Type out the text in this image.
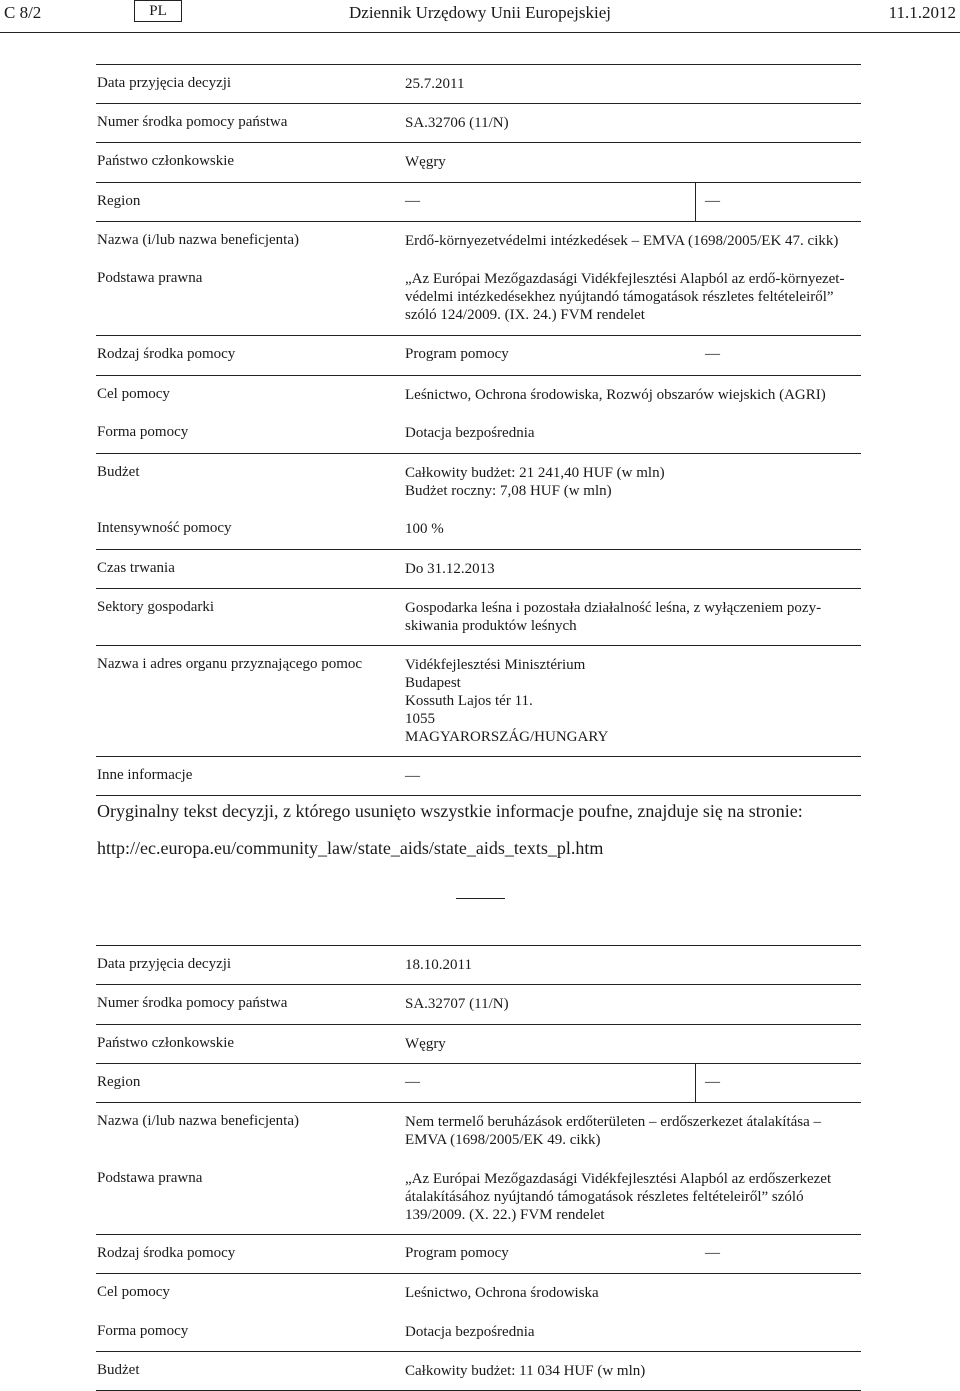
C 8/2	PL	Dziennik Urzędowy Unii Europejskiej	11.1.2012
Data przyjęcia decyzji	25.7.2011
Numer środka pomocy państwa	SA.32706 (11/N)
Państwo członkowskie	Węgry
Region	—	—
Nazwa (i/lub nazwa beneficjenta)	Erdő-környezetvédelmi intézkedések – EMVA (1698/2005/EK 47. cikk)
Podstawa prawna	„Az Európai Mezőgazdasági Vidékfejlesztési Alapból az erdő-környezet-
védelmi intézkedésekhez nyújtandó támogatások részletes feltételeiről”
szóló 124/2009. (IX. 24.) FVM rendelet
Rodzaj środka pomocy	Program pomocy	—
Cel pomocy	Leśnictwo, Ochrona środowiska, Rozwój obszarów wiejskich (AGRI)
Forma pomocy	Dotacja bezpośrednia
Budżet	Całkowity budżet: 21 241,40 HUF (w mln)
Budżet roczny: 7,08 HUF (w mln)
Intensywność pomocy	100 %
Czas trwania	Do 31.12.2013
Sektory gospodarki	Gospodarka leśna i pozostała działalność leśna, z wyłączeniem pozy-
skiwania produktów leśnych
Nazwa i adres organu przyznającego pomoc	Vidékfejlesztési Minisztérium
Budapest
Kossuth Lajos tér 11.
1055
MAGYARORSZÁG/HUNGARY
Inne informacje	—
Oryginalny tekst decyzji, z którego usunięto wszystkie informacje poufne, znajduje się na stronie:
http://ec.europa.eu/community_law/state_aids/state_aids_texts_pl.htm
Data przyjęcia decyzji	18.10.2011
Numer środka pomocy państwa	SA.32707 (11/N)
Państwo członkowskie	Węgry
Region	—	—
Nazwa (i/lub nazwa beneficjenta)	Nem termelő beruházások erdőterületen – erdőszerkezet átalakítása –
EMVA (1698/2005/EK 49. cikk)
Podstawa prawna	„Az Európai Mezőgazdasági Vidékfejlesztési Alapból az erdőszerkezet
átalakításához nyújtandó támogatások részletes feltételeiről” szóló
139/2009. (X. 22.) FVM rendelet
Rodzaj środka pomocy	Program pomocy	—
Cel pomocy	Leśnictwo, Ochrona środowiska
Forma pomocy	Dotacja bezpośrednia
Budżet	Całkowity budżet: 11 034 HUF (w mln)
